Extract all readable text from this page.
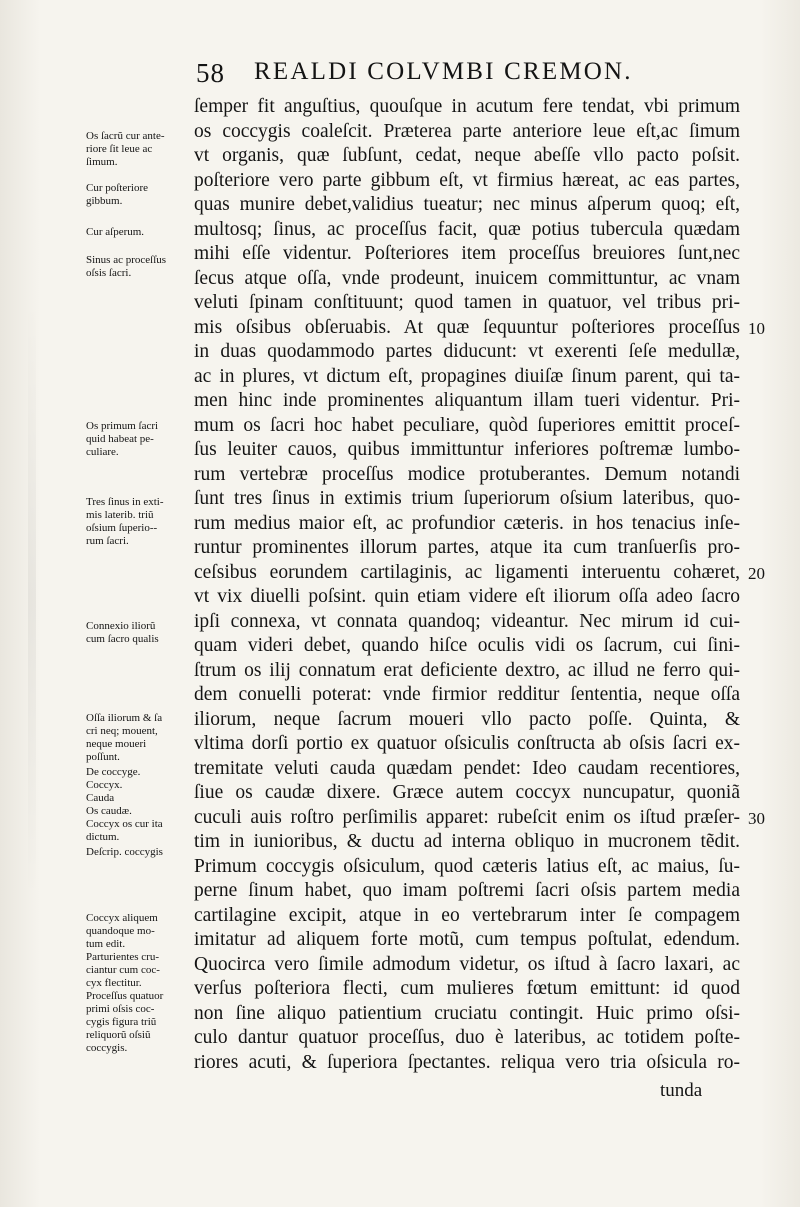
58 REALDI COLVMBI CREMON.
Os ſacrũ cur ante-
riore ſit leue ac
ſimum.
Cur poſteriore
gibbum.
Cur aſperum.
Sinus ac proceſſus
oſsis ſacri.
Os primum ſacri
quid habeat pe-
culiare.
Tres ſinus in exti-
mis laterib. triũ
oſsium ſuperio--
rum ſacri.
Connexio iliorũ
cum ſacro qualis
Oſſa iliorum & ſa
cri neq; mouent,
neque moueri
poſſunt.
De coccyge.
Coccyx.
Cauda
Os caudæ.
Coccyx os cur ita
dictum.
Deſcrip. coccygis
Coccyx aliquem
quandoque mo-
tum edit.
Parturientes cru-
ciantur cum coc-
cyx flectitur.
Proceſſus quatuor
primi oſsis coc-
cygis figura triũ
reliquorũ oſsiũ
coccygis.
ſemper fit anguſtius, quouſque in acutum fere tendat, vbi primum
os coccygis coaleſcit. Præterea parte anteriore leue eſt,ac ſimum
vt organis, quæ ſubſunt, cedat, neque abeſſe vllo pacto poſsit.
poſteriore vero parte gibbum eſt, vt firmius hæreat, ac eas partes,
quas munire debet,validius tueatur; nec minus aſperum quoq; eſt,
multosq; ſinus, ac proceſſus facit, quæ potius tubercula quædam
mihi eſſe videntur. Poſteriores item proceſſus breuiores ſunt,nec
ſecus atque oſſa, vnde prodeunt, inuicem committuntur, ac vnam
veluti ſpinam conſtituunt; quod tamen in quatuor, vel tribus pri-
mis oſsibus obſeruabis. At quæ ſequuntur poſteriores proceſſus
in duas quodammodo partes diducunt: vt exerenti ſeſe medullæ,
ac in plures, vt dictum eſt, propagines diuiſæ ſinum parent, qui ta-
men hinc inde prominentes aliquantum illam tueri videntur. Pri-
mum os ſacri hoc habet peculiare, quòd ſuperiores emittit proceſ-
ſus leuiter cauos, quibus immittuntur inferiores poſtremæ lumbo-
rum vertebræ proceſſus modice protuberantes. Demum notandi
ſunt tres ſinus in extimis trium ſuperiorum oſsium lateribus, quo-
rum medius maior eſt, ac profundior cæteris. in hos tenacius inſe-
runtur prominentes illorum partes, atque ita cum tranſuerſis pro-
ceſsibus eorundem cartilaginis, ac ligamenti interuentu cohæret,
vt vix diuelli poſsint. quin etiam videre eſt iliorum oſſa adeo ſacro
ipſi connexa, vt connata quandoq; videantur. Nec mirum id cui-
quam videri debet, quando hiſce oculis vidi os ſacrum, cui ſini-
ſtrum os ilij connatum erat deficiente dextro, ac illud ne ferro qui-
dem conuelli poterat: vnde firmior redditur ſententia, neque oſſa
iliorum, neque ſacrum moueri vllo pacto poſſe. Quinta, &
vltima dorſi portio ex quatuor oſsiculis conſtructa ab oſsis ſacri ex-
tremitate veluti cauda quædam pendet: Ideo caudam recentiores,
ſiue os caudæ dixere. Græce autem coccyx nuncupatur, quoniã
cuculi auis roſtro perſimilis apparet: rubeſcit enim os iſtud præſer-
tim in iunioribus, & ductu ad interna obliquo in mucronem tẽdit.
Primum coccygis oſsiculum, quod cæteris latius eſt, ac maius, ſu-
perne ſinum habet, quo imam poſtremi ſacri oſsis partem media
cartilagine excipit, atque in eo vertebrarum inter ſe compagem
imitatur ad aliquem forte motũ, cum tempus poſtulat, edendum.
Quocirca vero ſimile admodum videtur, os iſtud à ſacro laxari, ac
verſus poſteriora flecti, cum mulieres fœtum emittunt: id quod
non ſine aliquo patientium cruciatu contingit. Huic primo oſsi-
culo dantur quatuor proceſſus, duo è lateribus, ac totidem poſte-
riores acuti, & ſuperiora ſpectantes. reliqua vero tria oſsicula ro-
10
20
30
tunda
